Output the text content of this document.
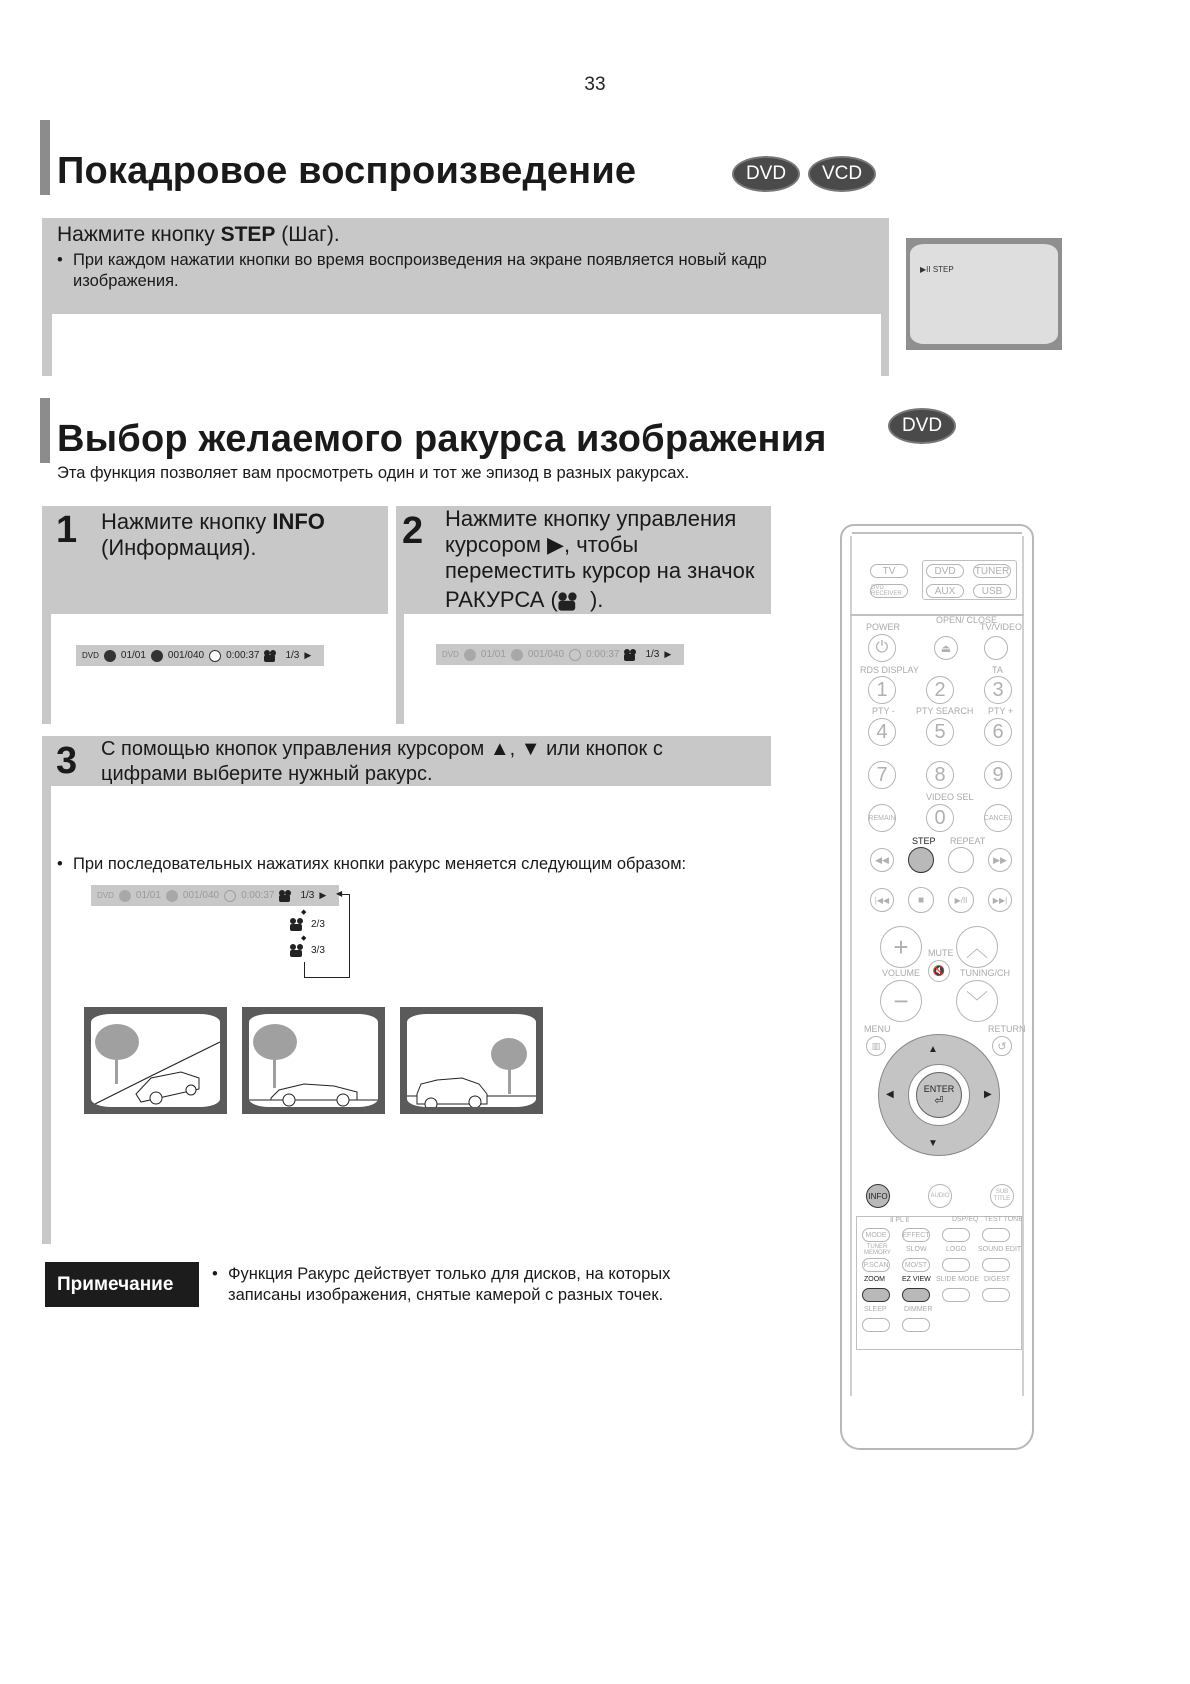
33
Покадровое воспроизведение	DVD	VCD
Нажмите кнопку STEP (Шаг).
• При каждом нажатии кнопки во время воспроизведения на экране появляется новый кадр изображения.
▶II STEP
Выбор желаемого ракурса изображения	DVD
Эта функция позволяет вам просмотреть один и тот же эпизод в разных ракурсах.
1 Нажмите кнопку INFO
(Информация).
DVD 01/01 001/040 0:00:37	1/3 ▶
2 Нажмите кнопку управления
курсором ▶, чтобы
переместить курсор на значок
РАКУРСА ( ).
DVD 01/01 001/040 0:00:37	1/3 ▶
3 С помощью кнопок управления курсором ▲, ▼ или кнопок с
цифрами выберите нужный ракурс.
• При последовательных нажатиях кнопки ракурс меняется следующим образом:
DVD 01/01 001/040 0:00:37	1/3 ▶ ◀
◆
2/3
◆
3/3
Примечание	• Функция Ракурс действует только для дисков, на которых
записаны изображения, снятые камерой с разных точек.
TV	DVD	TUNER
DVD RECEIVER	AUX	USB
POWER
OPEN/ CLOSE
TV/VIDEO
⏻	⏏
RDS DISPLAY	TA
1	2	3
PTY - PTY SEARCH PTY +
4	5	6
7	8	9
VIDEO SEL
REMAIN	0	CANCEL
STEP REPEAT
◀◀	▶▶
|◀◀	■	▶/II	▶▶|
+	︿
MUTE
🔇
VOLUME	TUNING/CH
−	﹀
MENU	RETURN
▥	↺
▲
▼
◀	▶
ENTER
⏎
INFO	AUDIO
SUB TITLE
Ⅱ PL Ⅱ	DSP/EQ TEST TONE
MODE	EFFECT
TUNER MEMORY SLOW	LOGO SOUND EDIT
P.SCAN	MO/ST
ZOOM EZ VIEW SLIDE MODE DIGEST
SLEEP DIMMER
